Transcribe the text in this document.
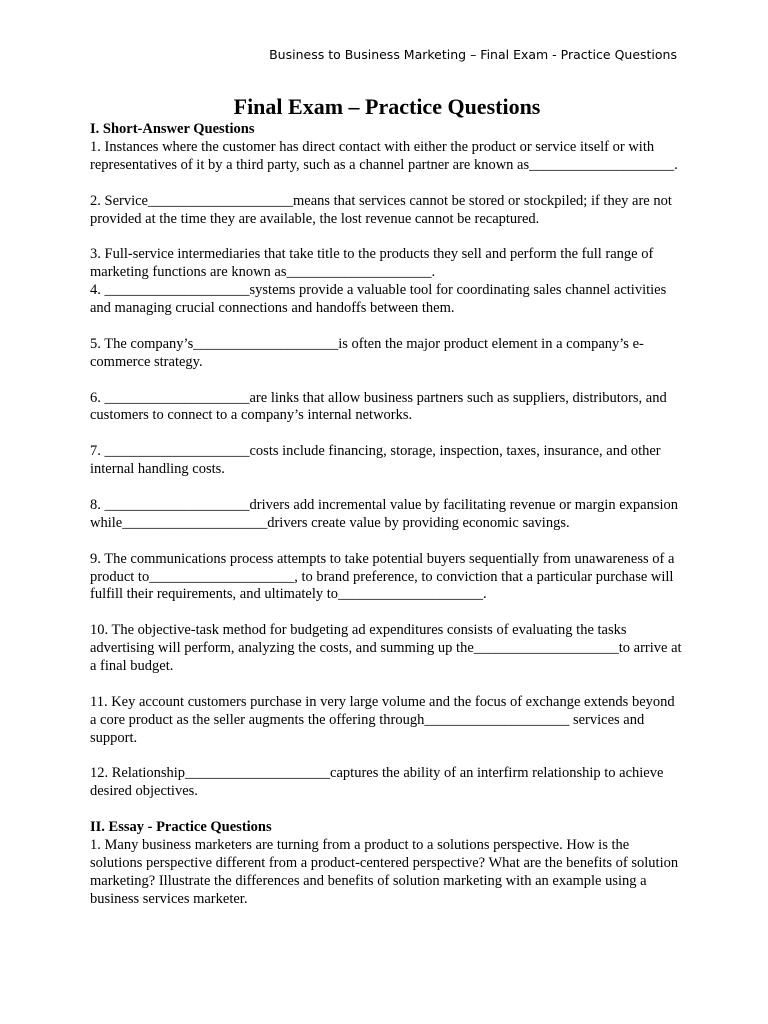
Business to Business Marketing – Final Exam - Practice Questions
Final Exam – Practice Questions

I. Short-Answer Questions

1. Instances where the customer has direct contact with either the product or service itself or with representatives of it by a third party, such as a channel partner are known as____________________.

2. Service____________________means that services cannot be stored or stockpiled; if they are not provided at the time they are available, the lost revenue cannot be recaptured.

3. Full-service intermediaries that take title to the products they sell and perform the full range of marketing functions are known as____________________.

4. ____________________systems provide a valuable tool for coordinating sales channel activities and managing crucial connections and handoffs between them.

5. The company’s____________________is often the major product element in a company’s e-commerce strategy.

6. ____________________are links that allow business partners such as suppliers, distributors, and customers to connect to a company’s internal networks.

7. ____________________costs include financing, storage, inspection, taxes, insurance, and other internal handling costs.

8. ____________________drivers add incremental value by facilitating revenue or margin expansion while____________________drivers create value by providing economic savings.

9. The communications process attempts to take potential buyers sequentially from unawareness of a product to____________________, to brand preference, to conviction that a particular purchase will fulfill their requirements, and ultimately to____________________.

10. The objective-task method for budgeting ad expenditures consists of evaluating the tasks advertising will perform, analyzing the costs, and summing up the____________________to arrive at a final budget.

11. Key account customers purchase in very large volume and the focus of exchange extends beyond a core product as the seller augments the offering through____________________ services and support.

12. Relationship____________________captures the ability of an interfirm relationship to achieve desired objectives.

II. Essay - Practice Questions

1. Many business marketers are turning from a product to a solutions perspective. How is the solutions perspective different from a product-centered perspective? What are the benefits of solution marketing? Illustrate the differences and benefits of solution marketing with an example using a business services marketer.
